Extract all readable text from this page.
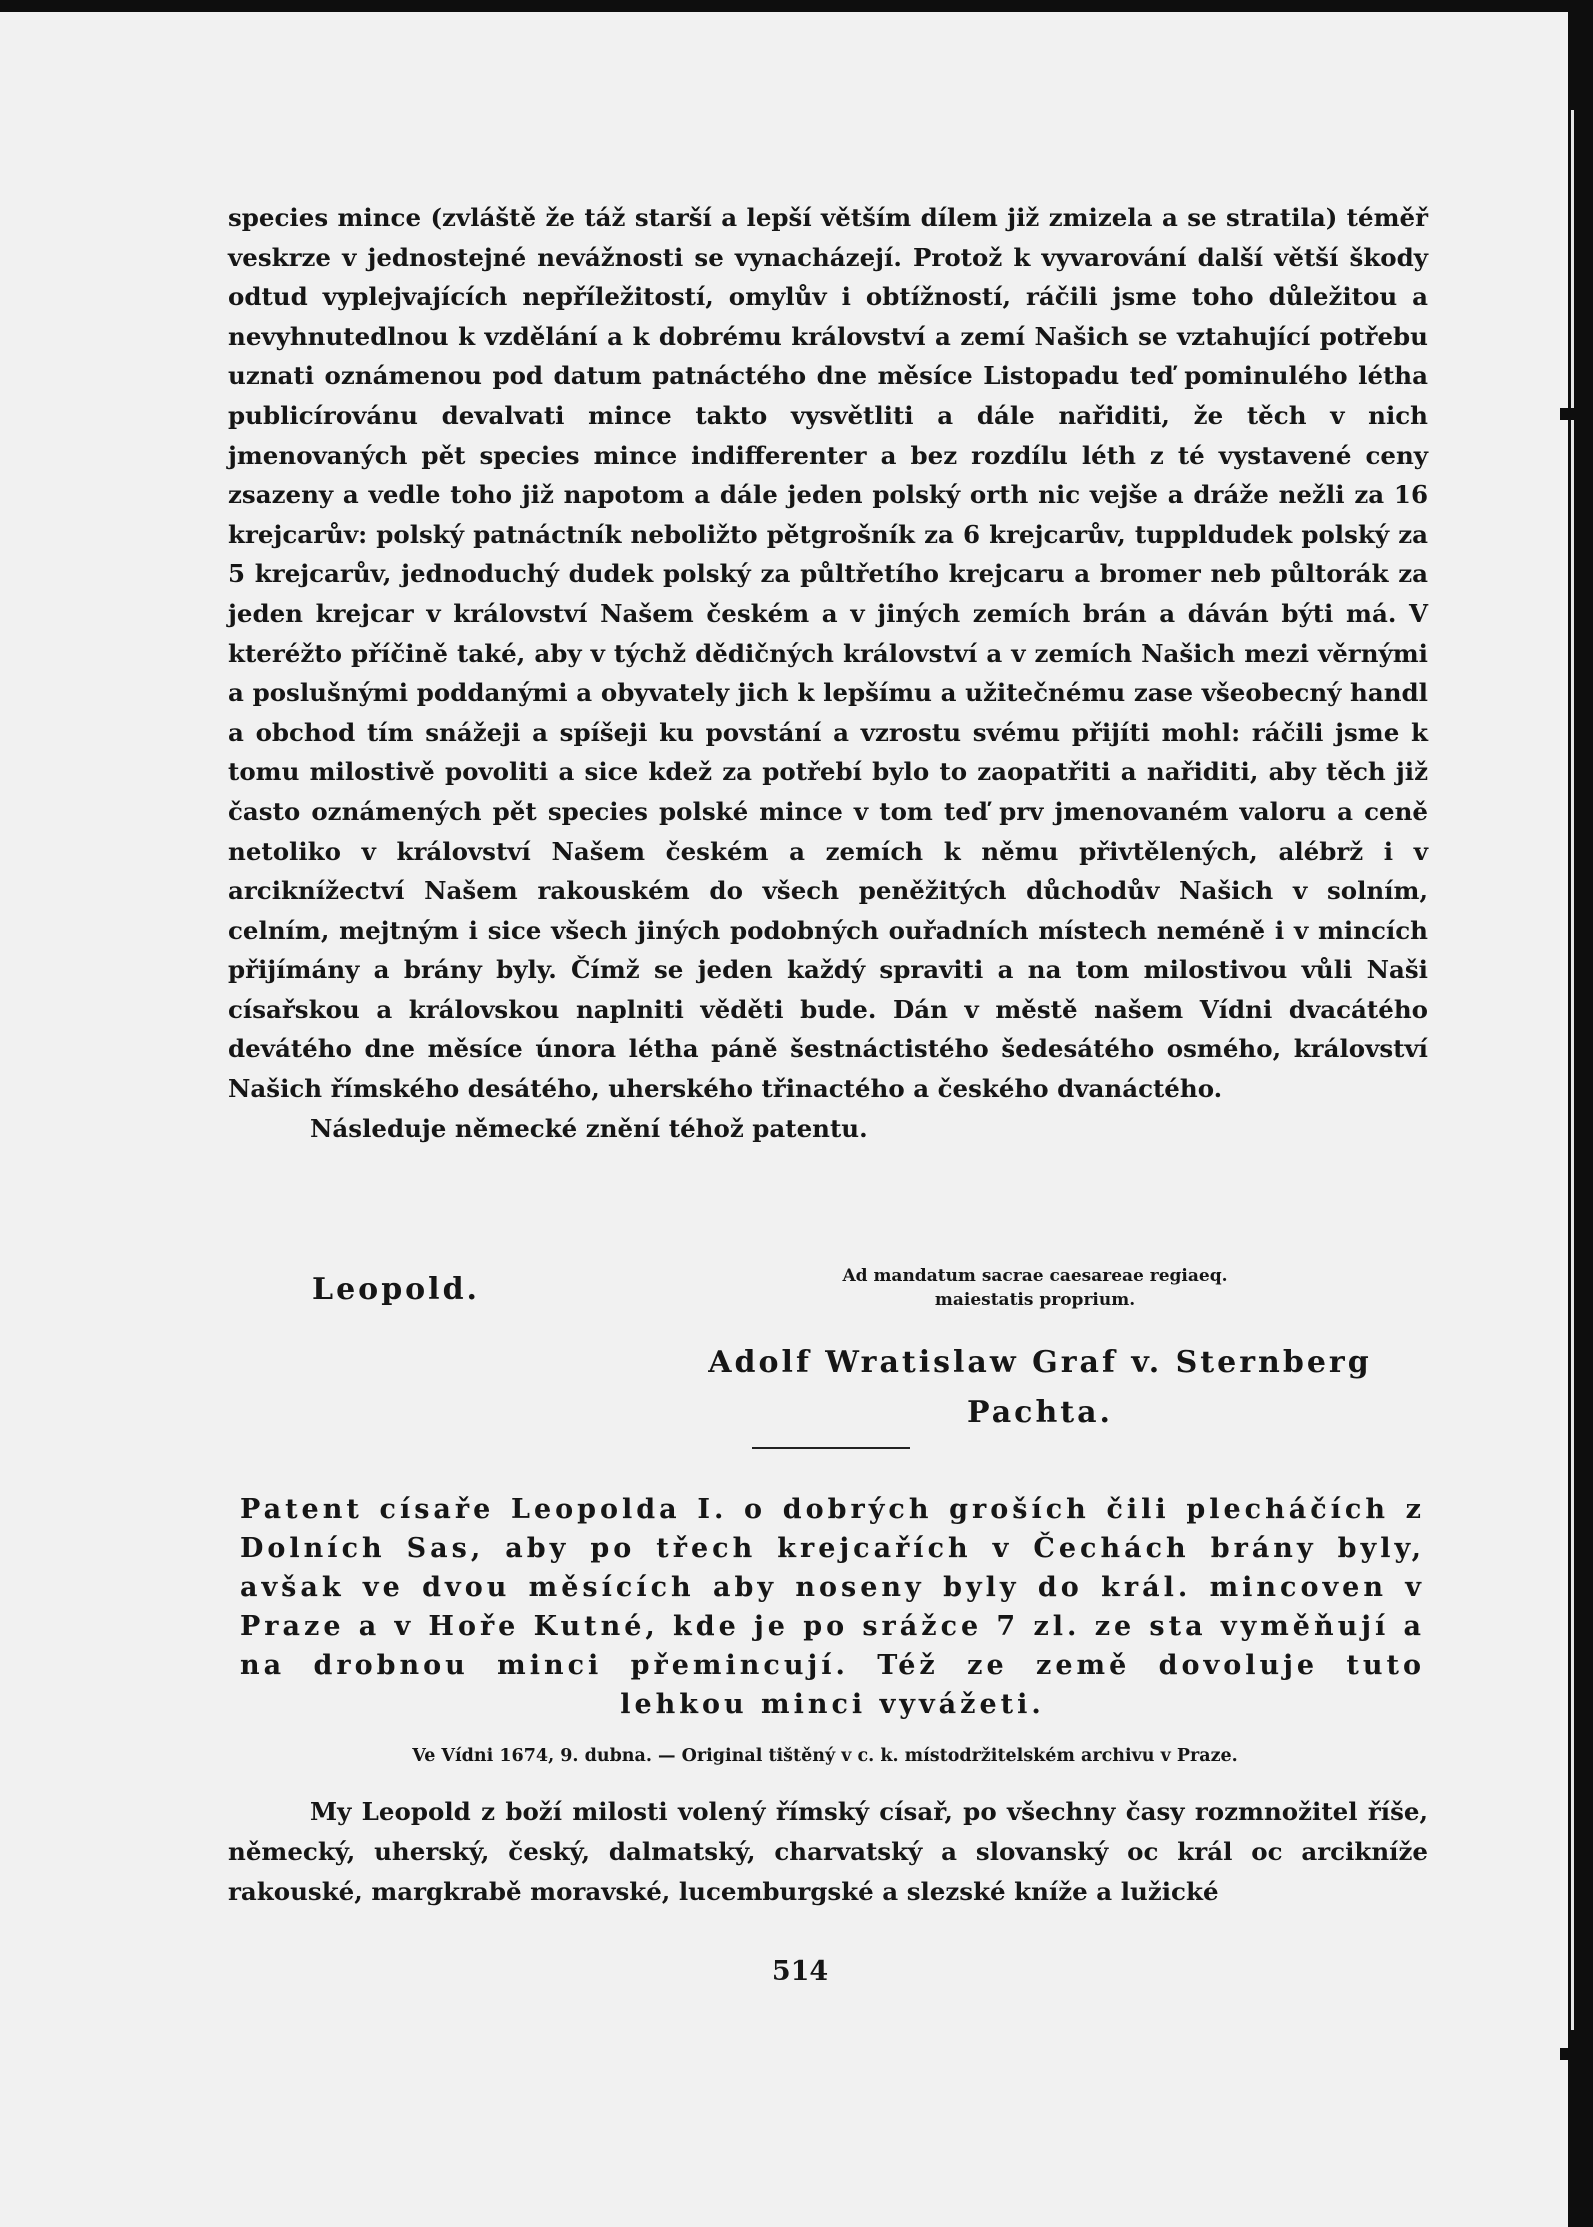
species mince (zvláště že táž starší a lepší větším dílem již zmizela a se stratila) téměř veskrze v jednostejné nevážnosti se vynacházejí. Protož k vyvarování další větší škody odtud vyplejvajících nepříležitostí, omylův i obtížností, ráčili jsme toho důležitou a nevyhnutedlnou k vzdělání a k dobrému království a zemí Našich se vztahující potřebu uznati oznámenou pod datum patnáctého dne měsíce Listopadu teď pominulého létha publicírovánu devalvati mince takto vysvětliti a dále nařiditi, že těch v nich jmenovaných pět species mince indifferenter a bez rozdílu léth z té vystavené ceny zsazeny a vedle toho již napotom a dále jeden polský orth nic vejše a dráže nežli za 16 krejcarův: polský patnáctník neboližto pětgrošník za 6 krejcarův, tuppldudek polský za 5 krejcarův, jednoduchý dudek polský za půltřetího krejcaru a bromer neb půltorák za jeden krejcar v království Našem českém a v jiných zemích brán a dáván býti má. V kteréžto příčině také, aby v týchž dědičných království a v zemích Našich mezi věrnými a poslušnými poddanými a obyvately jich k lepšímu a užitečnému zase všeobecný handl a obchod tím snážeji a spíšeji ku povstání a vzrostu svému přijíti mohl: ráčili jsme k tomu milostivě povoliti a sice kdež za potřebí bylo to zaopatřiti a nařiditi, aby těch již často oznámených pět species polské mince v tom teď prv jmenovaném valoru a ceně netoliko v království Našem českém a zemích k němu přivtělených, alébrž i v arciknížectví Našem rakouském do všech peněžitých důchodův Našich v solním, celním, mejtným i sice všech jiných podobných ouřadních místech neméně i v mincích přijímány a brány byly. Čímž se jeden každý spraviti a na tom milostivou vůli Naši císařskou a královskou naplniti věděti bude. Dán v městě našem Vídni dvacátého devátého dne měsíce února létha páně šestnáctistého šedesátého osmého, království Našich římského desátého, uherského třinactého a českého dvanáctého.

Následuje německé znění téhož patentu.

Leopold.	Ad mandatum sacrae caesareae regiaeq.
maiestatis proprium.
Adolf Wratislaw Graf v. Sternberg
Pachta.
Patent císaře Leopolda I. o dobrých groších čili plecháčích z Dolních Sas, aby po třech krejcařích v Čechách brány byly, avšak ve dvou měsících aby noseny byly do král. mincoven v Praze a v Hoře Kutné, kde je po srážce 7 zl. ze sta vyměňují a na drobnou minci přemincují. Též ze země dovoluje tuto lehkou minci vyvážeti.
Ve Vídni 1674, 9. dubna. — Original tištěný v c. k. místodržitelském archivu v Praze.

My Leopold z boží milosti volený římský císař, po všechny časy rozmnožitel říše, německý, uherský, český, dalmatský, charvatský a slovanský oc král oc arcikníže rakouské, margkrabě moravské, lucemburgské a slezské kníže a lužické

514
